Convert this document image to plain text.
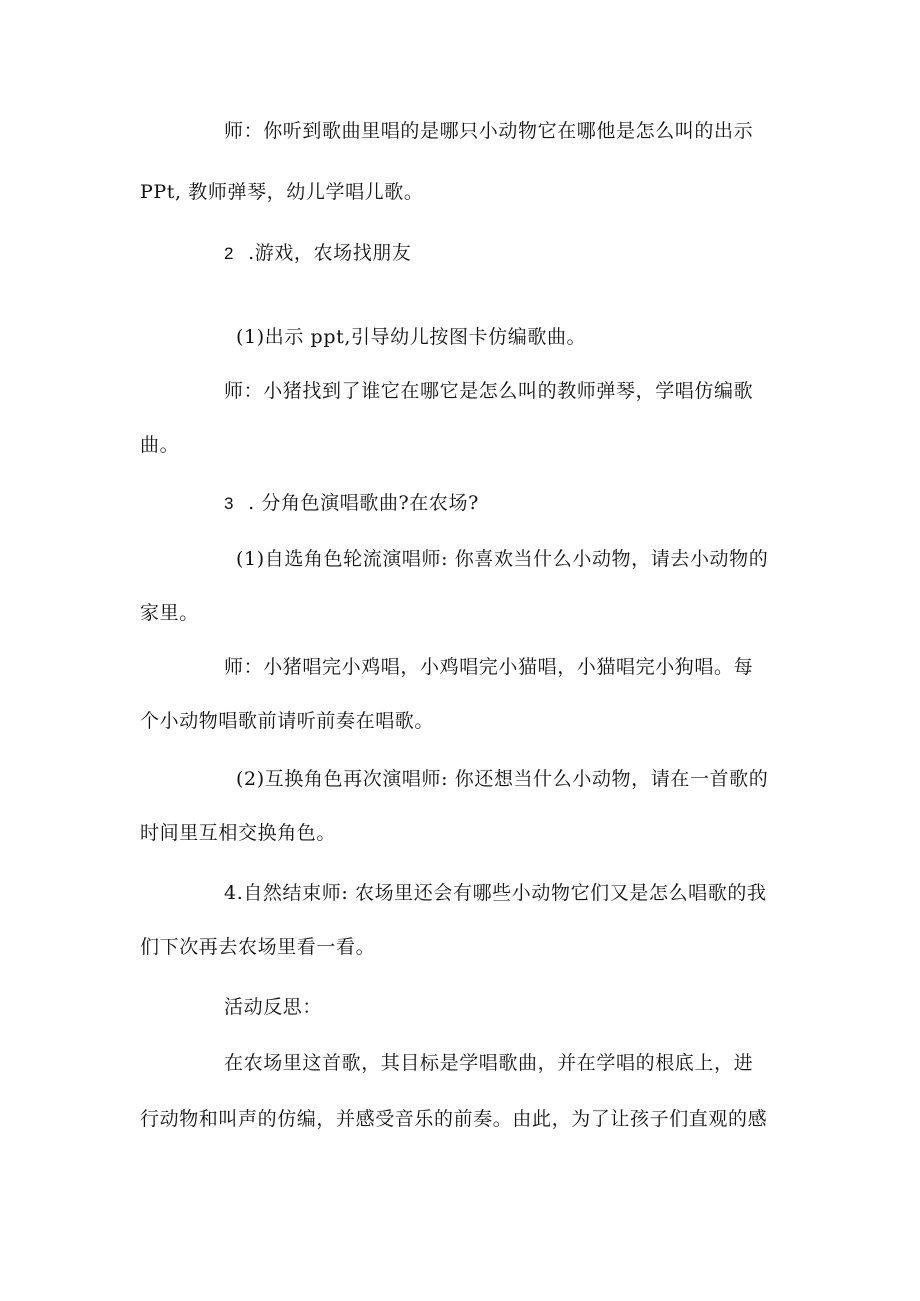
师：你听到歌曲里唱的是哪只小动物它在哪他是怎么叫的出示
PPt, 教师弹琴，幼儿学唱儿歌。
2 .游戏，农场找朋友
(1)出示 ppt,引导幼儿按图卡仿编歌曲。
师：小猪找到了谁它在哪它是怎么叫的教师弹琴，学唱仿编歌
曲。
3 . 分角色演唱歌曲?在农场?
(1)自选角色轮流演唱师: 你喜欢当什么小动物，请去小动物的
家里。
师：小猪唱完小鸡唱，小鸡唱完小猫唱，小猫唱完小狗唱。每
个小动物唱歌前请听前奏在唱歌。
(2)互换角色再次演唱师: 你还想当什么小动物，请在一首歌的
时间里互相交换角色。
4.自然结束师: 农场里还会有哪些小动物它们又是怎么唱歌的我
们下次再去农场里看一看。
活动反思：
在农场里这首歌，其目标是学唱歌曲，并在学唱的根底上，进
行动物和叫声的仿编，并感受音乐的前奏。由此，为了让孩子们直观的感
